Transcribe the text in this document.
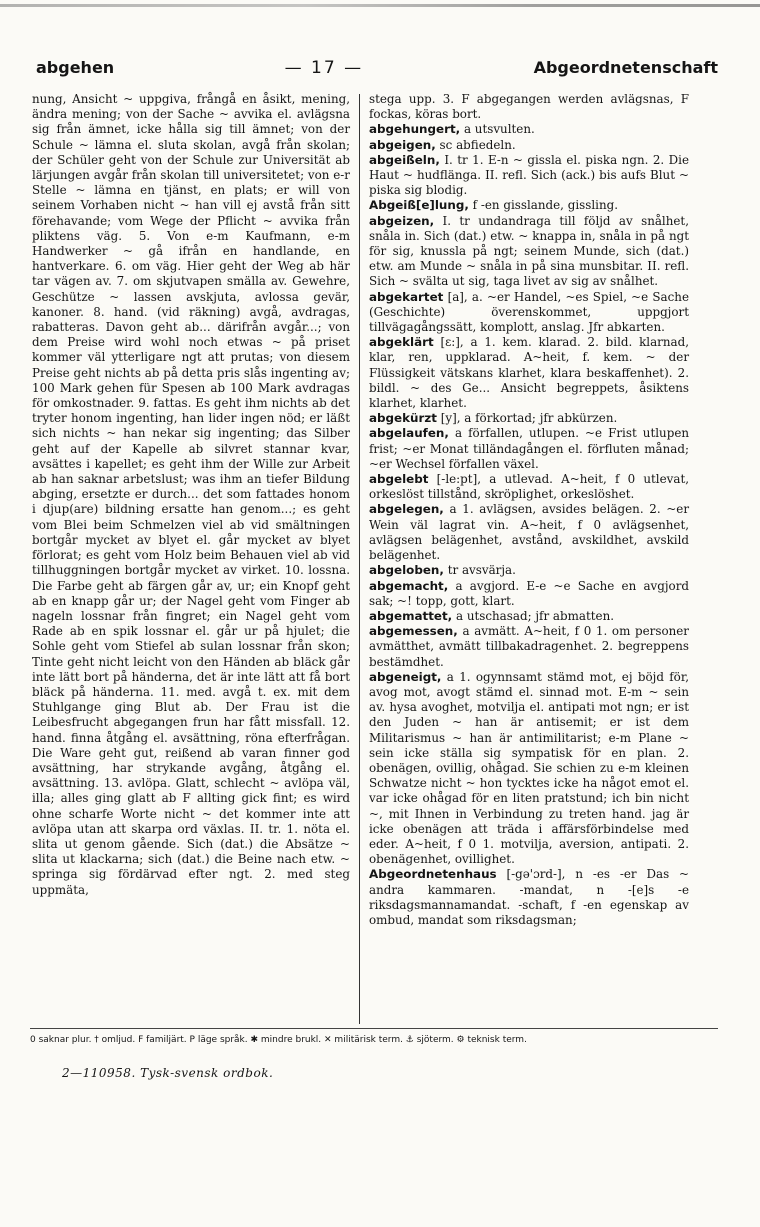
abgehen	— 17 —	Abgeordnetenschaft

nung, Ansicht ~ uppgiva, frångå en åsikt, mening, ändra mening; von der Sache ~ avvika el. avlägsna sig från ämnet, icke hålla sig till ämnet; von der Schule ~ lämna el. sluta skolan, avgå från skolan; der Schüler geht von der Schule zur Universität ab lärjungen avgår från skolan till universitetet; von e-r Stelle ~ lämna en tjänst, en plats; er will von seinem Vorhaben nicht ~ han vill ej avstå från sitt förehavande; vom Wege der Pflicht ~ avvika från pliktens väg. 5. Von e-m Kaufmann, e-m Handwerker ~ gå ifrån en handlande, en hantverkare. 6. om väg. Hier geht der Weg ab här tar vägen av. 7. om skjutvapen smälla av. Gewehre, Geschütze ~ lassen avskjuta, avlossa gevär, kanoner. 8. hand. (vid räkning) avgå, avdragas, rabatteras. Davon geht ab... därifrån avgår...; von dem Preise wird wohl noch etwas ~ på priset kommer väl ytterligare ngt att prutas; von diesem Preise geht nichts ab på detta pris slås ingenting av; 100 Mark gehen für Spesen ab 100 Mark avdragas för omkostnader. 9. fattas. Es geht ihm nichts ab det tryter honom ingenting, han lider ingen nöd; er läßt sich nichts ~ han nekar sig ingenting; das Silber geht auf der Kapelle ab silvret stannar kvar, avsättes i kapellet; es geht ihm der Wille zur Arbeit ab han saknar arbetslust; was ihm an tiefer Bildung abging, ersetzte er durch... det som fattades honom i djup(are) bildning ersatte han genom...; es geht vom Blei beim Schmelzen viel ab vid smältningen bortgår mycket av blyet el. går mycket av blyet förlorat; es geht vom Holz beim Behauen viel ab vid tillhuggningen bortgår mycket av virket. 10. lossna. Die Farbe geht ab färgen går av, ur; ein Knopf geht ab en knapp går ur; der Nagel geht vom Finger ab nageln lossnar från fingret; ein Nagel geht vom Rade ab en spik lossnar el. går ur på hjulet; die Sohle geht vom Stiefel ab sulan lossnar från skon; Tinte geht nicht leicht von den Händen ab bläck går inte lätt bort på händerna, det är inte lätt att få bort bläck på händerna. 11. med. avgå t. ex. mit dem Stuhlgange ging Blut ab. Der Frau ist die Leibesfrucht abgegangen frun har fått missfall. 12. hand. finna åtgång el. avsättning, röna efterfrågan. Die Ware geht gut, reißend ab varan finner god avsättning, har strykande avgång, åtgång el. avsättning. 13. avlöpa. Glatt, schlecht ~ avlöpa väl, illa; alles ging glatt ab F allting gick fint; es wird ohne scharfe Worte nicht ~ det kommer inte att avlöpa utan att skarpa ord växlas. II. tr. 1. nöta el. slita ut genom gående. Sich (dat.) die Absätze ~ slita ut klackarna; sich (dat.) die Beine nach etw. ~ springa sig fördärvad efter ngt. 2. med steg uppmäta,

stega upp. 3. F abgegangen werden avlägsnas, F fockas, köras bort.

abgehungert, a utsvulten.

abgeigen, sc abfiedeln.

abgeißeln, I. tr 1. E-n ~ gissla el. piska ngn. 2. Die Haut ~ hudflänga. II. refl. Sich (ack.) bis aufs Blut ~ piska sig blodig.

Abgeiß[e]lung, f -en gisslande, gissling.

abgeizen, I. tr undandraga till följd av snålhet, snåla in. Sich (dat.) etw. ~ knappa in, snåla in på ngt för sig, knussla på ngt; seinem Munde, sich (dat.) etw. am Munde ~ snåla in på sina munsbitar. II. refl. Sich ~ svälta ut sig, taga livet av sig av snålhet.

abgekartet [a], a. ~er Handel, ~es Spiel, ~e Sache (Geschichte) överenskommet, uppgjort tillvägagångssätt, komplott, anslag. Jfr abkarten.

abgeklärt [ɛ:], a 1. kem. klarad. 2. bild. klarnad, klar, ren, uppklarad. A~heit, f. kem. ~ der Flüssigkeit vätskans klarhet, klara beskaffenhet). 2. bildl. ~ des Ge... Ansicht begreppets, åsiktens klarhet, klarhet.

abgekürzt [y], a förkortad; jfr abkürzen.

abgelaufen, a förfallen, utlupen. ~e Frist utlupen frist; ~er Monat tilländagången el. förfluten månad; ~er Wechsel förfallen växel.

abgelebt [-le:pt], a utlevad. A~heit, f 0 utlevat, orkeslöst tillstånd, skröplighet, orkeslöshet.

abgelegen, a 1. avlägsen, avsides belägen. 2. ~er Wein väl lagrat vin. A~heit, f 0 avlägsenhet, avlägsen belägenhet, avstånd, avskildhet, avskild belägenhet.

abgeloben, tr avsvärja.

abgemacht, a avgjord. E-e ~e Sache en avgjord sak; ~! topp, gott, klart.

abgemattet, a utschasad; jfr abmatten.

abgemessen, a avmätt. A~heit, f 0 1. om personer avmätthet, avmätt tillbakadragenhet. 2. begreppens bestämdhet.

abgeneigt, a 1. ogynnsamt stämd mot, ej böjd för, avog mot, avogt stämd el. sinnad mot. E-m ~ sein av. hysa avoghet, motvilja el. antipati mot ngn; er ist den Juden ~ han är antisemit; er ist dem Militarismus ~ han är antimilitarist; e-m Plane ~ sein icke ställa sig sympatisk för en plan. 2. obenägen, ovillig, ohågad. Sie schien zu e-m kleinen Schwatze nicht ~ hon tycktes icke ha något emot el. var icke ohågad för en liten pratstund; ich bin nicht ~, mit Ihnen in Verbindung zu treten hand. jag är icke obenägen att träda i affärsförbindelse med eder. A~heit, f 0 1. motvilja, aversion, antipati. 2. obenägenhet, ovillighet.

Abgeordnetenhaus [-gə'ɔrd-], n -es -er Das ~ andra kammaren. -mandat, n -[e]s -e riksdagsmannamandat. -schaft, f -en egenskap av ombud, mandat som riksdagsman;

0 saknar plur. † omljud. F familjärt. P läge språk. ✱ mindre brukl. ✕ militärisk term. ⚓ sjöterm. ⚙ teknisk term.
2—110958. Tysk-svensk ordbok.
